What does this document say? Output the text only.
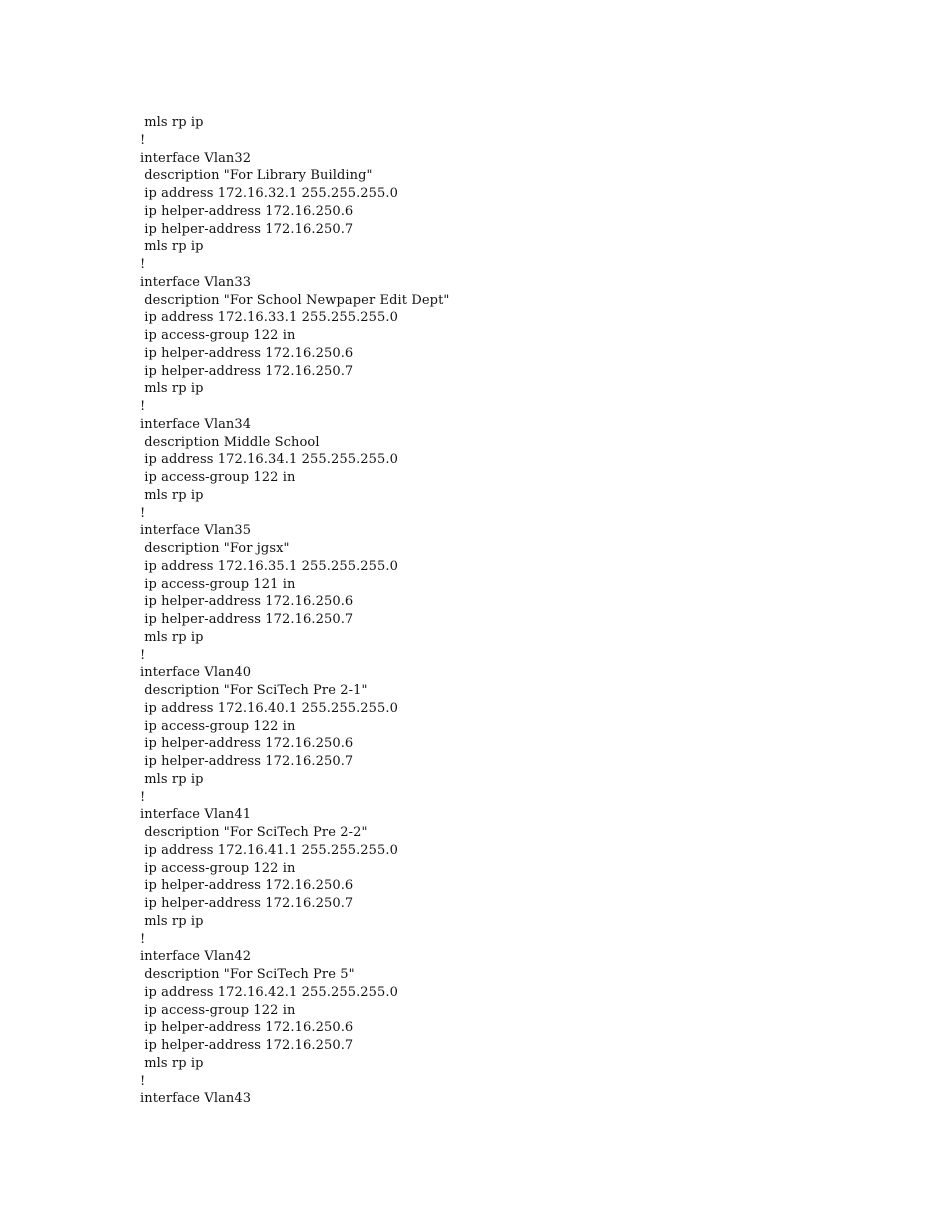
mls rp ip
!
interface Vlan32
description "For Library Building"
ip address 172.16.32.1 255.255.255.0
ip helper-address 172.16.250.6
ip helper-address 172.16.250.7
mls rp ip
!
interface Vlan33
description "For School Newpaper Edit Dept"
ip address 172.16.33.1 255.255.255.0
ip access-group 122 in
ip helper-address 172.16.250.6
ip helper-address 172.16.250.7
mls rp ip
!
interface Vlan34
description Middle School
ip address 172.16.34.1 255.255.255.0
ip access-group 122 in
mls rp ip
!
interface Vlan35
description "For jgsx"
ip address 172.16.35.1 255.255.255.0
ip access-group 121 in
ip helper-address 172.16.250.6
ip helper-address 172.16.250.7
mls rp ip
!
interface Vlan40
description "For SciTech Pre 2-1"
ip address 172.16.40.1 255.255.255.0
ip access-group 122 in
ip helper-address 172.16.250.6
ip helper-address 172.16.250.7
mls rp ip
!
interface Vlan41
description "For SciTech Pre 2-2"
ip address 172.16.41.1 255.255.255.0
ip access-group 122 in
ip helper-address 172.16.250.6
ip helper-address 172.16.250.7
mls rp ip
!
interface Vlan42
description "For SciTech Pre 5"
ip address 172.16.42.1 255.255.255.0
ip access-group 122 in
ip helper-address 172.16.250.6
ip helper-address 172.16.250.7
mls rp ip
!
interface Vlan43
